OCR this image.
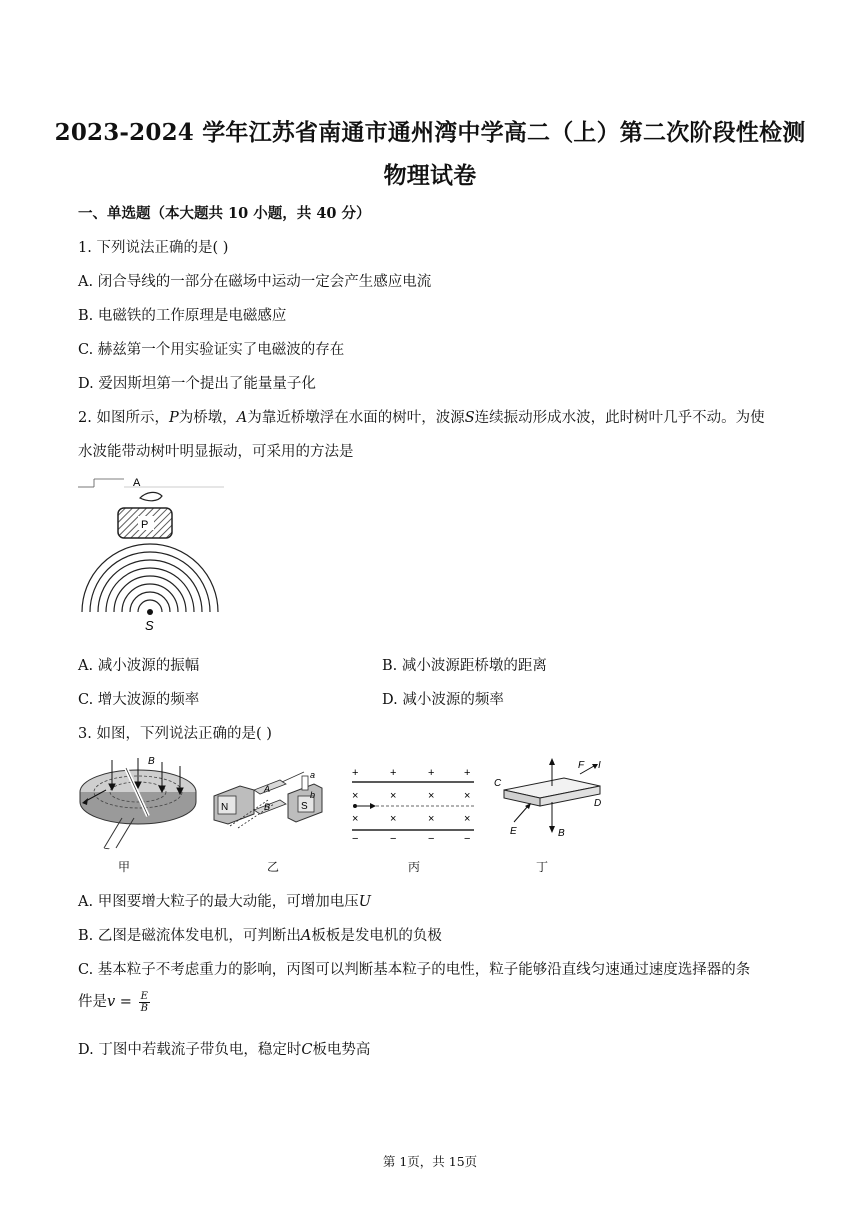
2023-2024 学年江苏省南通市通州湾中学高二（上）第二次阶段性检测
物理试卷
一、单选题（本大题共 10 小题，共 40 分）
1. 下列说法正确的是( )
A. 闭合导线的一部分在磁场中运动一定会产生感应电流
B. 电磁铁的工作原理是电磁感应
C. 赫兹第一个用实验证实了电磁波的存在
D. 爱因斯坦第一个提出了能量量子化
2. 如图所示，P为桥墩，A为靠近桥墩浮在水面的树叶，波源S连续振动形成水波，此时树叶几乎不动。为使
水波能带动树叶明显振动，可采用的方法是
A
P
S
A. 减小波源的振幅	B. 减小波源距桥墩的距离
C. 增大波源的频率	D. 减小波源的频率
3. 如图，下列说法正确的是( )
B
~
N
A
B	S
a
b
+	+	+	+
×	×	×	×
×	×	×	×
−	−	−	−
F I
C
D
E	B
甲	乙	丙	丁
A. 甲图要增大粒子的最大动能，可增加电压U
B. 乙图是磁流体发电机，可判断出A板板是发电机的负极
C. 基本粒子不考虑重力的影响，丙图可以判断基本粒子的电性，粒子能够沿直线匀速通过速度选择器的条
件是$v = \frac{E}{B}$
D. 丁图中若载流子带负电，稳定时C板电势高
第 1页，共 15页
